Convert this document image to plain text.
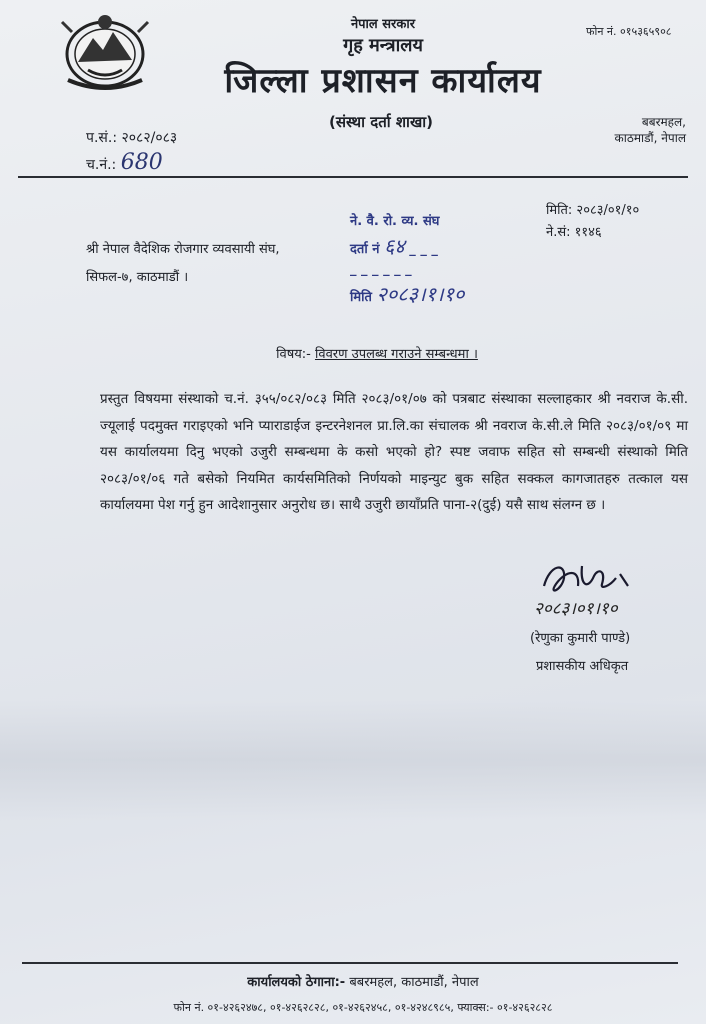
नेपाल सरकार
गृह मन्त्रालय
जिल्ला प्रशासन कार्यालय
(संस्था दर्ता शाखा)
फोन नं. ०१५३६५९०८
बबरमहल,
काठमाडौं, नेपाल
प.सं.: २०८२/०८३
च.नं.: 680
मिति: २०८३/०१/१०
ने.सं: ११४६
श्री नेपाल वैदेशिक रोजगार व्यवसायी संघ,
सिफल-७, काठमाडौं ।
ने. वै. रो. व्य. संघ
दर्ता नं ६४ _ _ _
_ _ _ _ _ _
मिति २०८३।१।१०
विषय:- विवरण उपलब्ध गराउने सम्बन्धमा ।
प्रस्तुत विषयमा संस्थाको च.नं. ३५५/०८२/०८३ मिति २०८३/०१/०७ को पत्रबाट संस्थाका सल्लाहकार श्री नवराज के.सी. ज्यूलाई पदमुक्त गराइएको भनि प्याराडाईज इन्टरनेशनल प्रा.लि.का संचालक श्री नवराज के.सी.ले मिति २०८३/०१/०९ मा यस कार्यालयमा दिनु भएको उजुरी सम्बन्धमा के कसो भएको हो? स्पष्ट जवाफ सहित सो सम्बन्धी संस्थाको मिति २०८३/०१/०६ गते बसेको नियमित कार्यसमितिको निर्णयको माइन्युट बुक सहित सक्कल कागजातहरु तत्काल यस कार्यालयमा पेश गर्नु हुन आदेशानुसार अनुरोध छ। साथै उजुरी छायाँप्रति पाना-२(दुई) यसै साथ संलग्न छ ।
२०८३।०१।१०
(रेणुका कुमारी पाण्डे)
प्रशासकीय अधिकृत
कार्यालयको ठेगाना:- बबरमहल, काठमाडौं, नेपाल
फोन नं. ०१-४२६२४७८, ०१-४२६२८२८, ०१-४२६२४५८, ०१-४२४८९८५, फ्याक्स:- ०१-४२६२८२८
